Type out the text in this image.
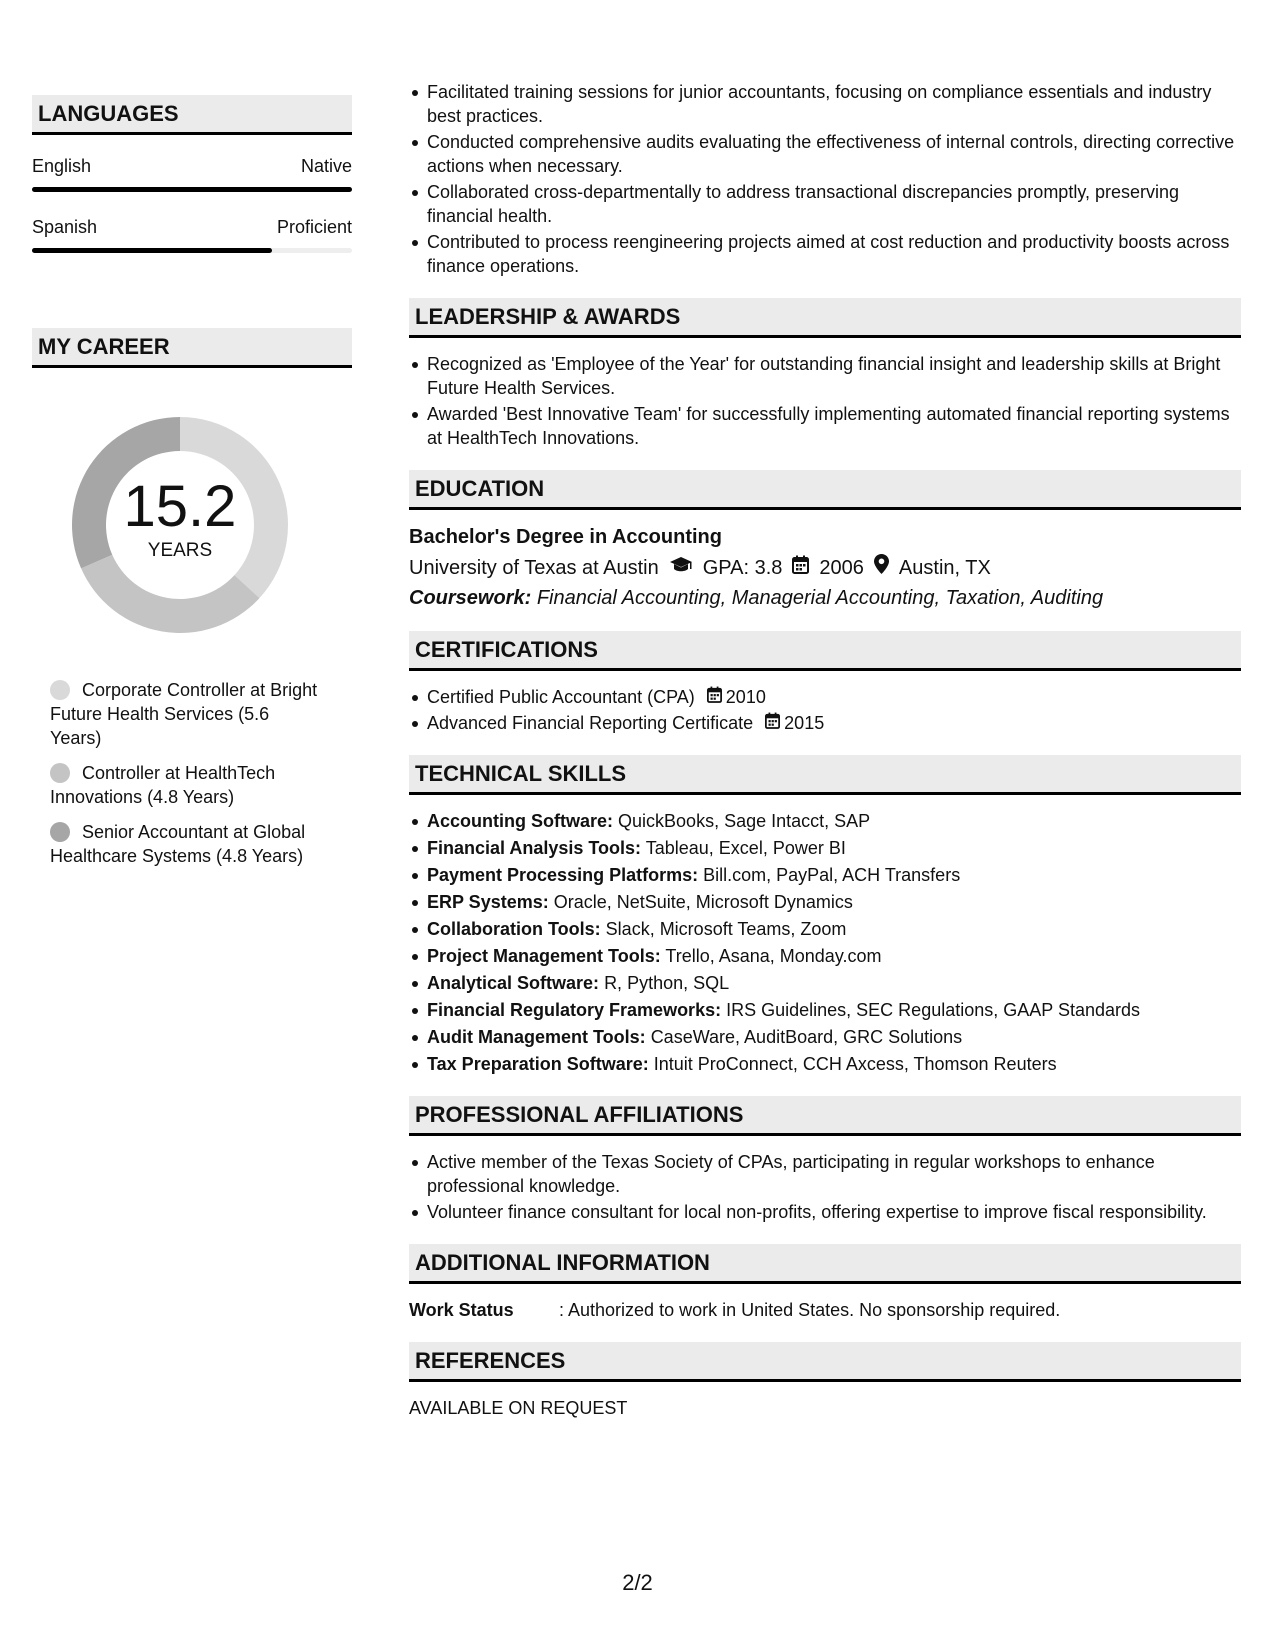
LANGUAGES
English	Native
Spanish	Proficient
MY CAREER
15.2
YEARS
Corporate Controller at Bright Future Health Services (5.6 Years)
Controller at HealthTech Innovations (4.8 Years)
Senior Accountant at Global Healthcare Systems (4.8 Years)
Facilitated training sessions for junior accountants, focusing on compliance essentials and industry best practices.
Conducted comprehensive audits evaluating the effectiveness of internal controls, directing corrective actions when necessary.
Collaborated cross-departmentally to address transactional discrepancies promptly, preserving financial health.
Contributed to process reengineering projects aimed at cost reduction and productivity boosts across finance operations.
LEADERSHIP & AWARDS
Recognized as 'Employee of the Year' for outstanding financial insight and leadership skills at Bright Future Health Services.
Awarded 'Best Innovative Team' for successfully implementing automated financial reporting systems at HealthTech Innovations.
EDUCATION
Bachelor's Degree in Accounting
University of Texas at Austin GPA: 3.8 2006 Austin, TX
Coursework: Financial Accounting, Managerial Accounting, Taxation, Auditing
CERTIFICATIONS
Certified Public Accountant (CPA) 2010
Advanced Financial Reporting Certificate 2015
TECHNICAL SKILLS
Accounting Software: QuickBooks, Sage Intacct, SAP
Financial Analysis Tools: Tableau, Excel, Power BI
Payment Processing Platforms: Bill.com, PayPal, ACH Transfers
ERP Systems: Oracle, NetSuite, Microsoft Dynamics
Collaboration Tools: Slack, Microsoft Teams, Zoom
Project Management Tools: Trello, Asana, Monday.com
Analytical Software: R, Python, SQL
Financial Regulatory Frameworks: IRS Guidelines, SEC Regulations, GAAP Standards
Audit Management Tools: CaseWare, AuditBoard, GRC Solutions
Tax Preparation Software: Intuit ProConnect, CCH Axcess, Thomson Reuters
PROFESSIONAL AFFILIATIONS
Active member of the Texas Society of CPAs, participating in regular workshops to enhance professional knowledge.
Volunteer finance consultant for local non-profits, offering expertise to improve fiscal responsibility.
ADDITIONAL INFORMATION
Work Status	: Authorized to work in United States. No sponsorship required.
REFERENCES
AVAILABLE ON REQUEST
2/2
